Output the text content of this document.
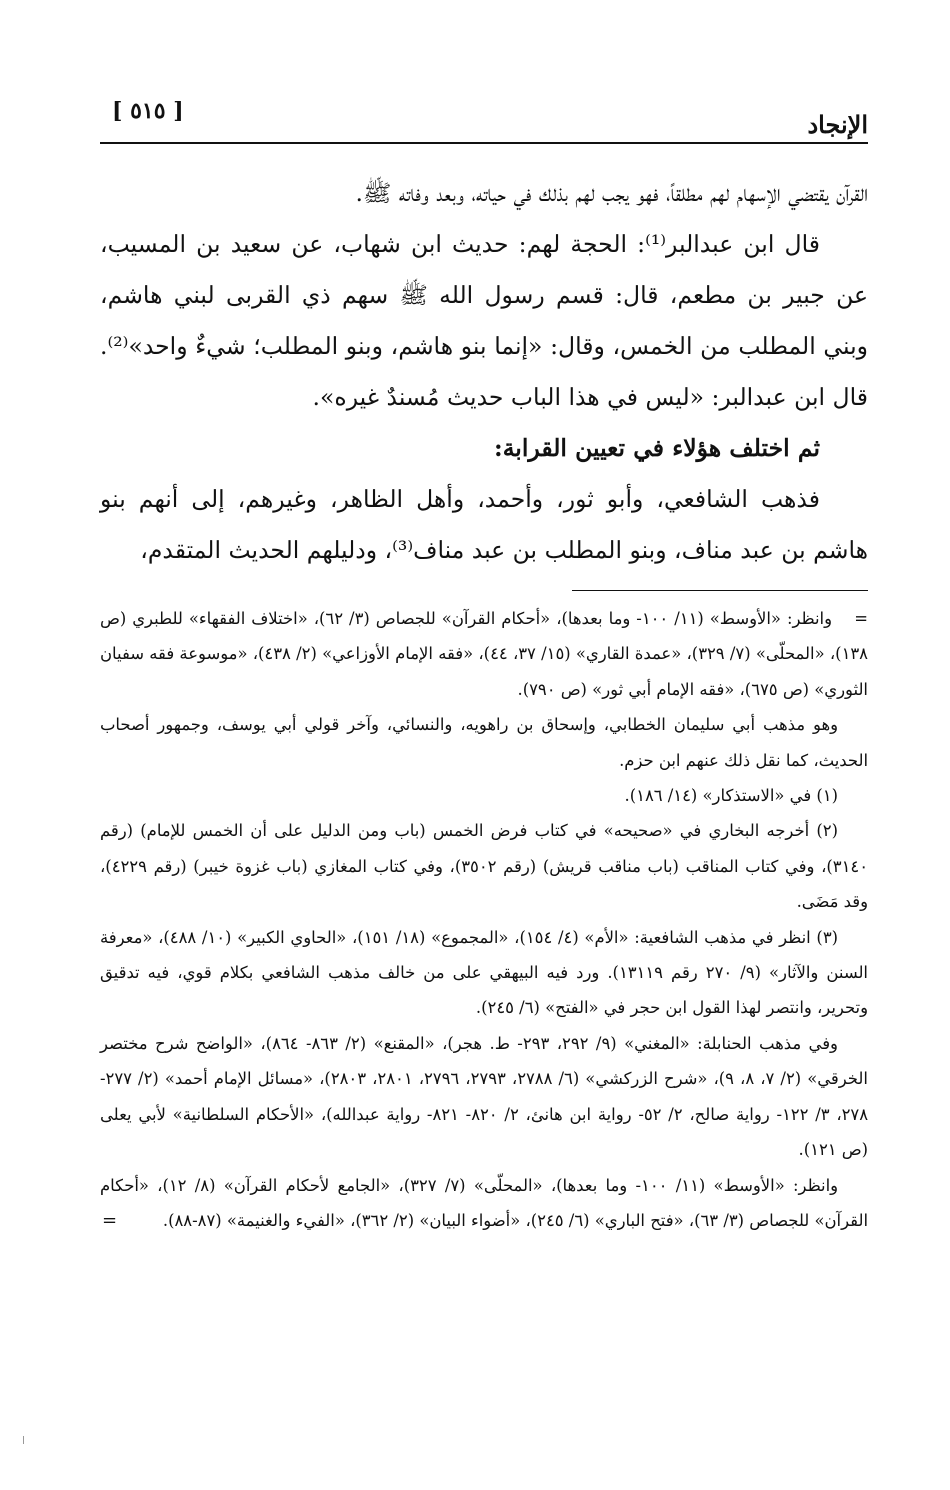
الإنجاد
[ ٥١٥ ]

القرآن يقتضي الإسهام لهم مطلقاً، فهو يجب لهم بذلك في حياته، وبعد وفاته ﷺ.

قال ابن عبدالبر⁽¹⁾: الحجة لهم: حديث ابن شهاب، عن سعيد بن المسيب، عن جبير بن مطعم، قال: قسم رسول الله ﷺ سهم ذي القربى لبني هاشم، وبني المطلب من الخمس، وقال: «إنما بنو هاشم، وبنو المطلب؛ شيءٌ واحد»⁽²⁾. قال ابن عبدالبر: «ليس في هذا الباب حديث مُسندٌ غيره».

ثم اختلف هؤلاء في تعيين القرابة:

فذهب الشافعي، وأبو ثور، وأحمد، وأهل الظاهر، وغيرهم، إلى أنهم بنو هاشم بن عبد مناف، وبنو المطلب بن عبد مناف⁽³⁾، ودليلهم الحديث المتقدم،

= وانظر: «الأوسط» (١١/ ١٠٠- وما بعدها)، «أحكام القرآن» للجصاص (٣/ ٦٢)، «اختلاف الفقهاء» للطبري (ص ١٣٨)، «المحلّى» (٧/ ٣٢٩)، «عمدة القاري» (١٥/ ٣٧، ٤٤)، «فقه الإمام الأوزاعي» (٢/ ٤٣٨)، «موسوعة فقه سفيان الثوري» (ص ٦٧٥)، «فقه الإمام أبي ثور» (ص ٧٩٠).

وهو مذهب أبي سليمان الخطابي، وإسحاق بن راهويه، والنسائي، وآخر قولي أبي يوسف، وجمهور أصحاب الحديث، كما نقل ذلك عنهم ابن حزم.

(١) في «الاستذكار» (١٤/ ١٨٦).

(٢) أخرجه البخاري في «صحيحه» في كتاب فرض الخمس (باب ومن الدليل على أن الخمس للإمام) (رقم ٣١٤٠)، وفي كتاب المناقب (باب مناقب قريش) (رقم ٣٥٠٢)، وفي كتاب المغازي (باب غزوة خيبر) (رقم ٤٢٢٩)، وقد مَضَى.

(٣) انظر في مذهب الشافعية: «الأم» (٤/ ١٥٤)، «المجموع» (١٨/ ١٥١)، «الحاوي الكبير» (١٠/ ٤٨٨)، «معرفة السنن والآثار» (٩/ ٢٧٠ رقم ١٣١١٩). ورد فيه البيهقي على من خالف مذهب الشافعي بكلام قوي، فيه تدقيق وتحرير، وانتصر لهذا القول ابن حجر في «الفتح» (٦/ ٢٤٥).

وفي مذهب الحنابلة: «المغني» (٩/ ٢٩٢، ٢٩٣- ط. هجر)، «المقنع» (٢/ ٨٦٣- ٨٦٤)، «الواضح شرح مختصر الخرقي» (٢/ ٧، ٨، ٩)، «شرح الزركشي» (٦/ ٢٧٨٨، ٢٧٩٣، ٢٧٩٦، ٢٨٠١، ٢٨٠٣)، «مسائل الإمام أحمد» (٢/ ٢٧٧- ٢٧٨، ٣/ ١٢٢- رواية صالح، ٢/ ٥٢- رواية ابن هانئ، ٢/ ٨٢٠- ٨٢١- رواية عبدالله)، «الأحكام السلطانية» لأبي يعلى (ص ١٢١).

وانظر: «الأوسط» (١١/ ١٠٠- وما بعدها)، «المحلّى» (٧/ ٣٢٧)، «الجامع لأحكام القرآن» (٨/ ١٢)، «أحكام القرآن» للجصاص (٣/ ٦٣)، «فتح الباري» (٦/ ٢٤٥)، «أضواء البيان» (٢/ ٣٦٢)، «الفيء والغنيمة» (٨٧-٨٨).
=
